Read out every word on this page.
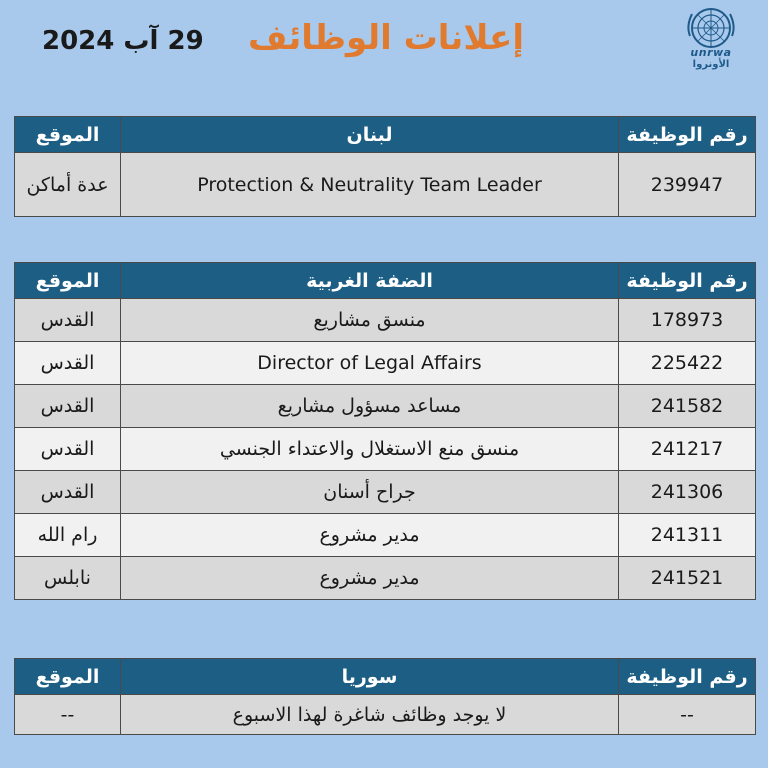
29 آب 2024 إعلانات الوظائف	unrwa
الأونروا
الموقع	لبنان	رقم الوظيفة
عدة أماكن	Protection & Neutrality Team Leader	239947
الموقع	الضفة الغربية	رقم الوظيفة
القدس	منسق مشاريع	178973
القدس	Director of Legal Affairs	225422
القدس	مساعد مسؤول مشاريع	241582
القدس	منسق منع الاستغلال والاعتداء الجنسي	241217
القدس	جراح أسنان	241306
رام الله	مدير مشروع	241311
نابلس	مدير مشروع	241521
الموقع	سوريا	رقم الوظيفة
--	لا يوجد وظائف شاغرة لهذا الاسبوع	--
